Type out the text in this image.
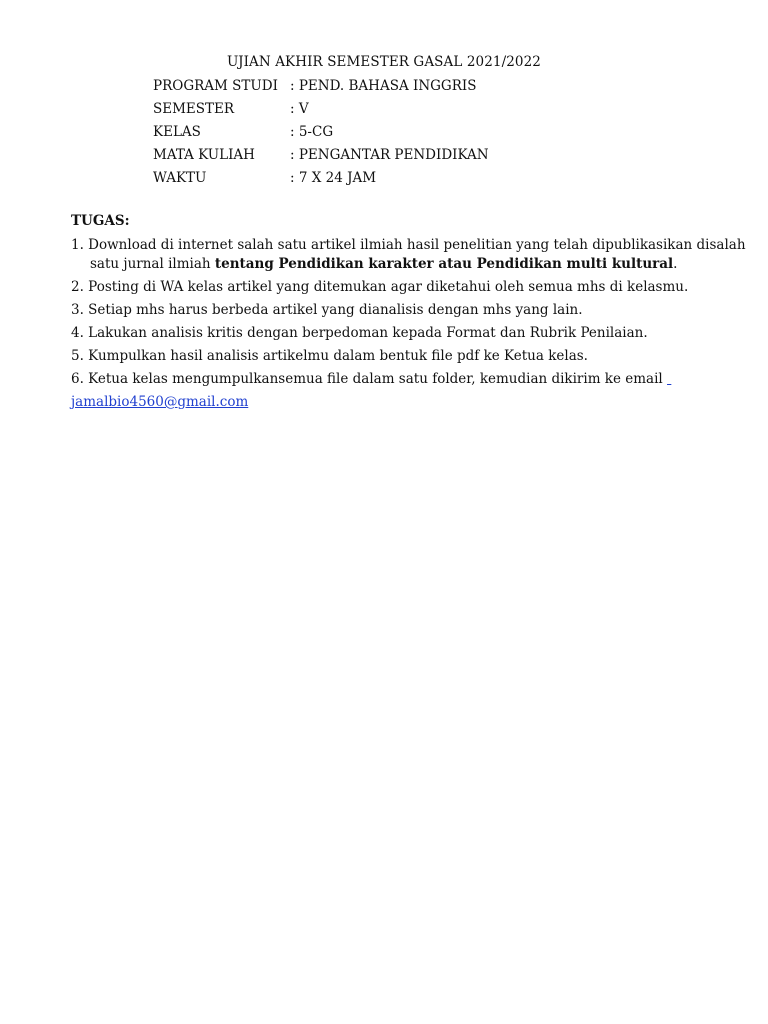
UJIAN AKHIR SEMESTER GASAL 2021/2022
PROGRAM STUDI : PEND. BAHASA INGGRIS
SEMESTER	: V
KELAS	: 5-CG
MATA KULIAH	: PENGANTAR PENDIDIKAN
WAKTU	: 7 X 24 JAM
TUGAS:
1. Download di internet salah satu artikel ilmiah hasil penelitian yang telah dipublikasikan disalah
satu jurnal ilmiah tentang Pendidikan karakter atau Pendidikan multi kultural.
2. Posting di WA kelas artikel yang ditemukan agar diketahui oleh semua mhs di kelasmu.
3. Setiap mhs harus berbeda artikel yang dianalisis dengan mhs yang lain.
4. Lakukan analisis kritis dengan berpedoman kepada Format dan Rubrik Penilaian.
5. Kumpulkan hasil analisis artikelmu dalam bentuk file pdf ke Ketua kelas.
6. Ketua kelas mengumpulkansemua file dalam satu folder, kemudian dikirim ke email
jamalbio4560@gmail.com
